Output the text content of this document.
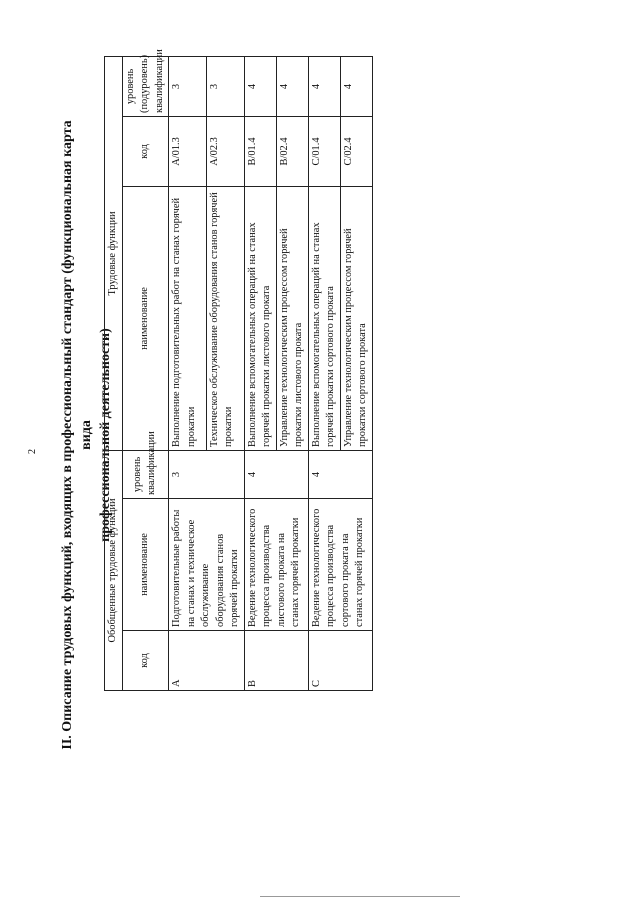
2 II. Описание трудовых функций, входящих в профессиональный стандарт (функциональная карта вида профессиональной деятельности)
Обобщенные трудовые функции			Трудовые функции		
код	наименование	уровень квалификации	наименование	код	уровень (подуровень) квалификации
A	Подготовительные работы на станах и техническое обслуживание оборудования станов горячей прокатки	3	Выполнение подготовительных работ на станах горячей прокатки	A/01.3	3
			Техническое обслуживание оборудования станов горячей прокатки	A/02.3	3
B	Ведение технологического процесса производства листового проката на станах горячей прокатки	4	Выполнение вспомогательных операций на станах горячей прокатки листового проката	B/01.4	4
			Управление технологическим процессом горячей прокатки листового проката	B/02.4	4
C	Ведение технологического процесса производства сортового проката на станах горячей прокатки	4	Выполнение вспомогательных операций на станах горячей прокатки сортового проката	C/01.4	4
			Управление технологическим процессом горячей прокатки сортового проката	C/02.4	4
